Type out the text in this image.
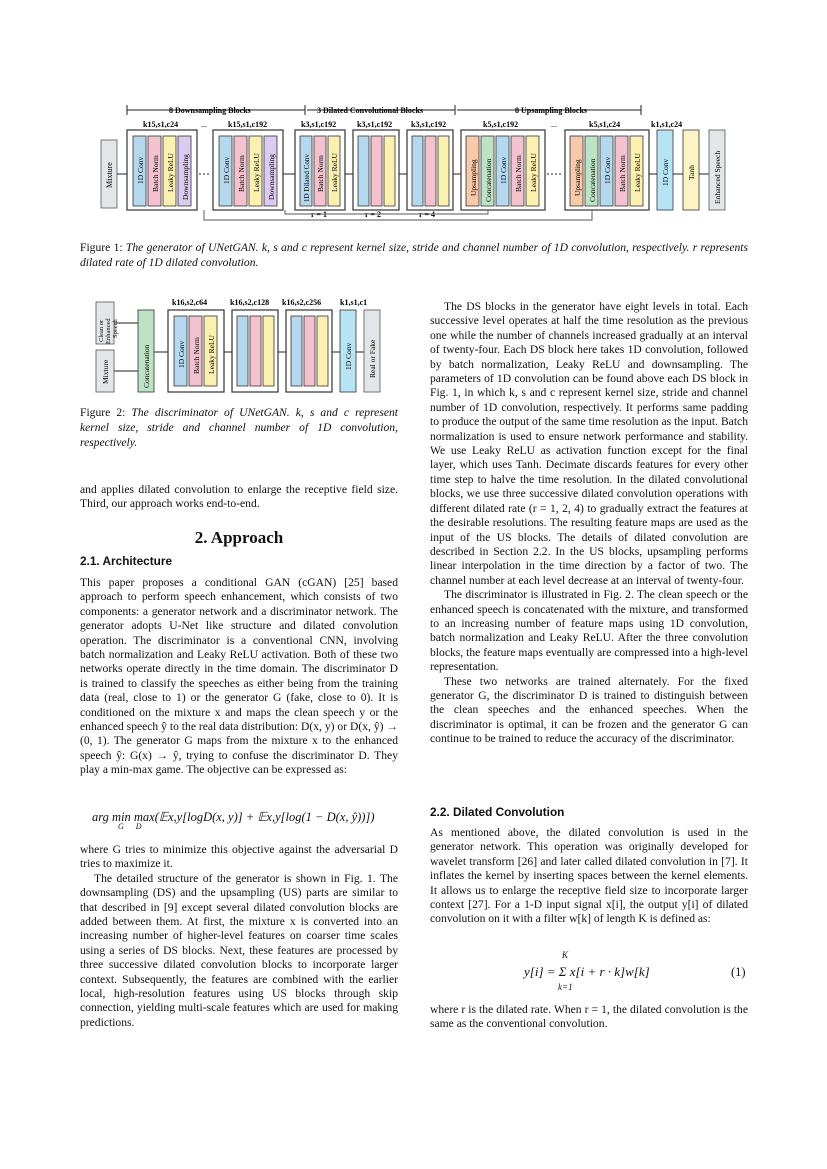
8 Downsampling Blocks	3 Dilated Convolutional Blocks	8 Upsampling Blocks
k15,s1,c24	...	k15,s1,c192	k3,s1,c192	k3,s1,c192 k3,s1,c192	k5,s1,c192	...	k5,s1,c24	k1,s1,c24
Mixture	1D Conv Batch Norm Leaky ReLU Downsampling	1D Conv Batch Norm Leaky ReLU Downsampling	1D Dilated Conv Batch Norm Leaky ReLU
r = 1	r = 2	r = 4
Upsampling Concatenation 1D Conv Batch Norm Leaky ReLU	Upsampling Concatenation 1D Conv Batch Norm Leaky ReLU	1D Conv Tanh Enhanced Speech
Figure 1: The generator of UNetGAN. k, s and c represent kernel size, stride and channel number of 1D convolution, respectively. r represents dilated rate of 1D dilated convolution.
Clean or Enhanced Speech
Mixture	Concatenation
k16,s2,c64
1D Conv Batch Norm Leaky ReLU
k16,s2,c128 k16,s2,c256 k1,s1,c1
1D Conv Real or Fake
Figure 2: The discriminator of UNetGAN. k, s and c represent kernel size, stride and channel number of 1D convolution, respectively.

and applies dilated convolution to enlarge the receptive field size. Third, our approach works end-to-end.

2. Approach
2.1. Architecture

This paper proposes a conditional GAN (cGAN) [25] based approach to perform speech enhancement, which consists of two components: a generator network and a discriminator network. The generator adopts U-Net like structure and dilated convolution operation. The discriminator is a conventional CNN, involving batch normalization and Leaky ReLU activation. Both of these two networks operate directly in the time domain. The discriminator D is trained to classify the speeches as either being from the training data (real, close to 1) or the generator G (fake, close to 0). It is conditioned on the mixture x and maps the clean speech y or the enhanced speech ŷ to the real data distribution: D(x, y) or D(x, ŷ) → (0, 1). The generator G maps from the mixture x to the enhanced speech ŷ: G(x) → ŷ, trying to confuse the discriminator D. They play a min-max game. The objective can be expressed as:

arg min max(𝔼x,y[logD(x, y)] + 𝔼x,y[log(1 − D(x, ŷ))])
G      D

where G tries to minimize this objective against the adversarial D tries to maximize it.

The detailed structure of the generator is shown in Fig. 1. The downsampling (DS) and the upsampling (US) parts are similar to that described in [9] except several dilated convolution blocks are added between them. At first, the mixture x is converted into an increasing number of higher-level features on coarser time scales using a series of DS blocks. Next, these features are processed by three successive dilated convolution blocks to incorporate larger context. Subsequently, the features are combined with the earlier local, high-resolution features using US blocks through skip connection, yielding multi-scale features which are used for making predictions.

The DS blocks in the generator have eight levels in total. Each successive level operates at half the time resolution as the previous one while the number of channels increased gradually at an interval of twenty-four. Each DS block here takes 1D convolution, followed by batch normalization, Leaky ReLU and downsampling. The parameters of 1D convolution can be found above each DS block in Fig. 1, in which k, s and c represent kernel size, stride and channel number of 1D convolution, respectively. It performs same padding to produce the output of the same time resolution as the input. Batch normalization is used to ensure network performance and stability. We use Leaky ReLU as activation function except for the final layer, which uses Tanh. Decimate discards features for every other time step to halve the time resolution. In the dilated convolutional blocks, we use three successive dilated convolution operations with different dilated rate (r = 1, 2, 4) to gradually extract the features at the desirable resolutions. The resulting feature maps are used as the input of the US blocks. The details of dilated convolution are described in Section 2.2. In the US blocks, upsampling performs linear interpolation in the time direction by a factor of two. The channel number at each level decrease at an interval of twenty-four.

The discriminator is illustrated in Fig. 2. The clean speech or the enhanced speech is concatenated with the mixture, and transformed to an increasing number of feature maps using 1D convolution, batch normalization and Leaky ReLU. After the three convolution blocks, the feature maps eventually are compressed into a high-level representation.

These two networks are trained alternately. For the fixed generator G, the discriminator D is trained to distinguish between the clean speeches and the enhanced speeches. When the discriminator is optimal, it can be frozen and the generator G can continue to be trained to reduce the accuracy of the discriminator.

2.2. Dilated Convolution

As mentioned above, the dilated convolution is used in the generator network. This operation was originally developed for wavelet transform [26] and later called dilated convolution in [7]. It inflates the kernel by inserting spaces between the kernel elements. It allows us to enlarge the receptive field size to incorporate larger context [27]. For a 1-D input signal x[i], the output y[i] of dilated convolution on it with a filter w[k] of length K is defined as:

K
y[i] = Σ x[i + r · k]w[k]
k=1
(1)

where r is the dilated rate. When r = 1, the dilated convolution is the same as the conventional convolution.
